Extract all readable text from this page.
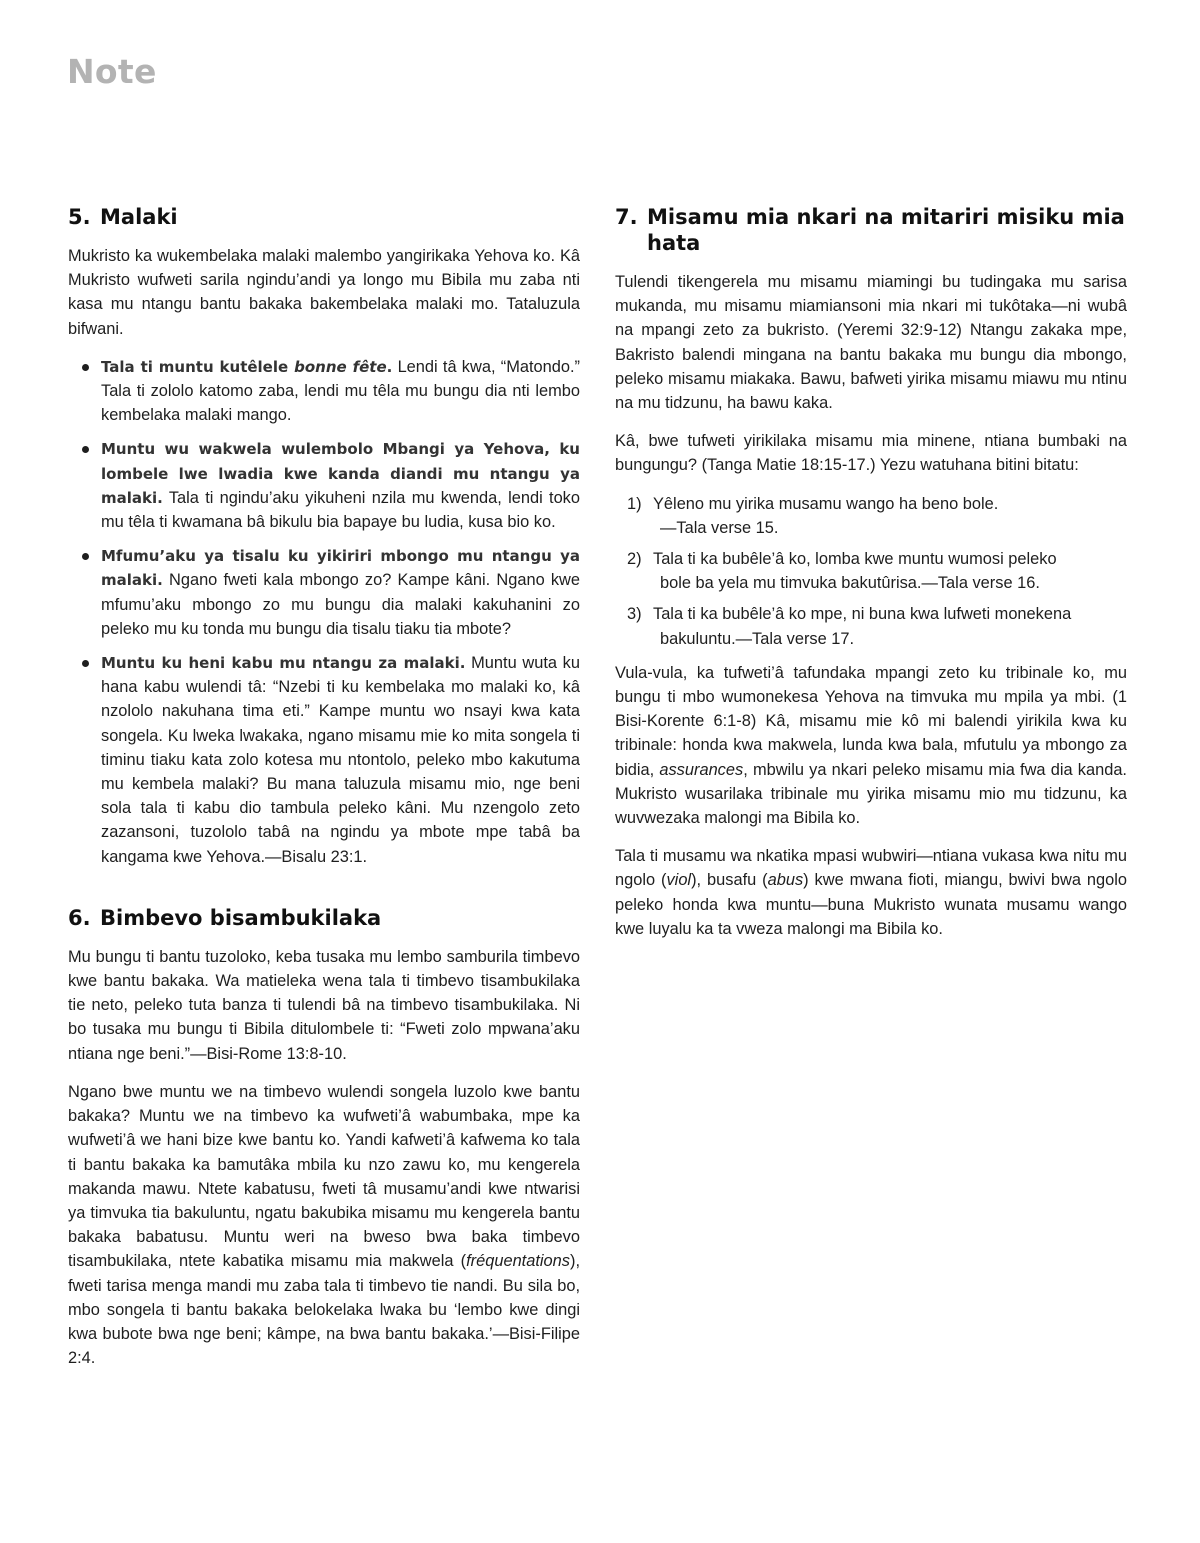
Note
5. Malaki

Mukristo ka wukembelaka malaki malembo yangirikaka Yehova ko. Kâ Mukristo wufweti sarila ngindu’andi ya longo mu Bibila mu zaba nti kasa mu ntangu bantu bakaka bakembelaka malaki mo. Tataluzula bifwani.

Tala ti muntu kutêlele bonne fête. Lendi tâ kwa, “Matondo.” Tala ti zololo katomo zaba, lendi mu têla mu bungu dia nti lembo kembelaka malaki mango.
Muntu wu wakwela wulembolo Mbangi ya Yehova, ku lombele lwe lwadia kwe kanda diandi mu ntangu ya malaki. Tala ti ngindu’aku yikuheni nzila mu kwenda, lendi toko mu têla ti kwamana bâ bikulu bia bapaye bu ludia, kusa bio ko.
Mfumu’aku ya tisalu ku yikiriri mbongo mu ntangu ya malaki. Ngano fweti kala mbongo zo? Kampe kâni. Ngano kwe mfumu’aku mbongo zo mu bungu dia malaki kakuhanini zo peleko mu ku tonda mu bungu dia tisalu tiaku tia mbote?
Muntu ku heni kabu mu ntangu za malaki. Muntu wuta ku hana kabu wulendi tâ: “Nzebi ti ku kembelaka mo malaki ko, kâ nzololo nakuhana tima eti.” Kampe muntu wo nsayi kwa kata songela. Ku lweka lwakaka, ngano misamu mie ko mita songela ti timinu tiaku kata zolo kotesa mu ntontolo, peleko mbo kakutuma mu kembela malaki? Bu mana taluzula misamu mio, nge beni sola tala ti kabu dio tambula peleko kâni. Mu nzengolo zeto zazansoni, tuzololo tabâ na ngindu ya mbote mpe tabâ ba kangama kwe Yehova.—Bisalu 23:1.
6. Bimbevo bisambukilaka

Mu bungu ti bantu tuzoloko, keba tusaka mu lembo samburila timbevo kwe bantu bakaka. Wa matieleka wena tala ti timbevo tisambukilaka tie neto, peleko tuta banza ti tulendi bâ na timbevo tisambukilaka. Ni bo tusaka mu bungu ti Bibila ditulombele ti: “Fweti zolo mpwana’aku ntiana nge beni.”—Bisi-Rome 13:8-10.

Ngano bwe muntu we na timbevo wulendi songela luzolo kwe bantu bakaka? Muntu we na timbevo ka wufweti’â wabumbaka, mpe ka wufweti’â we hani bize kwe bantu ko. Yandi kafweti’â kafwema ko tala ti bantu bakaka ka bamutâka mbila ku nzo zawu ko, mu kengerela makanda mawu. Ntete kabatusu, fweti tâ musamu’andi kwe ntwarisi ya timvuka tia bakuluntu, ngatu bakubika misamu mu kengerela bantu bakaka babatusu. Muntu weri na bweso bwa baka timbevo tisambukilaka, ntete kabatika misamu mia makwela (fréquentations), fweti tarisa menga mandi mu zaba tala ti timbevo tie nandi. Bu sila bo, mbo songela ti bantu bakaka belokelaka lwaka bu ‘lembo kwe dingi kwa bubote bwa nge beni; kâmpe, na bwa bantu bakaka.’—Bisi-Filipe 2:4.

7. Misamu mia nkari na mitariri misiku mia hata

Tulendi tikengerela mu misamu miamingi bu tudingaka mu sarisa mukanda, mu misamu miamiansoni mia nkari mi tukôtaka—ni wubâ na mpangi zeto za bukristo. (Yeremi 32:9-12) Ntangu zakaka mpe, Bakristo balendi mingana na bantu bakaka mu bungu dia mbongo, peleko misamu miakaka. Bawu, bafweti yirika misamu miawu mu ntinu na mu tidzunu, ha bawu kaka.

Kâ, bwe tufweti yirikilaka misamu mia minene, ntiana bumbaki na bungungu? (Tanga Matie 18:15-17.) Yezu watuhana bitini bitatu:

1) Yêleno mu yirika musamu wango ha beno bole.
—Tala verse 15.
2) Tala ti ka bubêle’â ko, lomba kwe muntu wumosi peleko
bole ba yela mu timvuka bakutûrisa.—Tala verse 16.
3) Tala ti ka bubêle’â ko mpe, ni buna kwa lufweti monekena
bakuluntu.—Tala verse 17.

Vula-vula, ka tufweti’â tafundaka mpangi zeto ku tribinale ko, mu bungu ti mbo wumonekesa Yehova na timvuka mu mpila ya mbi. (1 Bisi-Korente 6:1-8) Kâ, misamu mie kô mi balendi yirikila kwa ku tribinale: honda kwa makwela, lunda kwa bala, mfutulu ya mbongo za bidia, assurances, mbwilu ya nkari peleko misamu mia fwa dia kanda. Mukristo wusarilaka tribinale mu yirika misamu mio mu tidzunu, ka wuvwezaka malongi ma Bibila ko.

Tala ti musamu wa nkatika mpasi wubwiri—ntiana vukasa kwa nitu mu ngolo (viol), busafu (abus) kwe mwana fioti, miangu, bwivi bwa ngolo peleko honda kwa muntu—buna Mukristo wunata musamu wango kwe luyalu ka ta vweza malongi ma Bibila ko.
